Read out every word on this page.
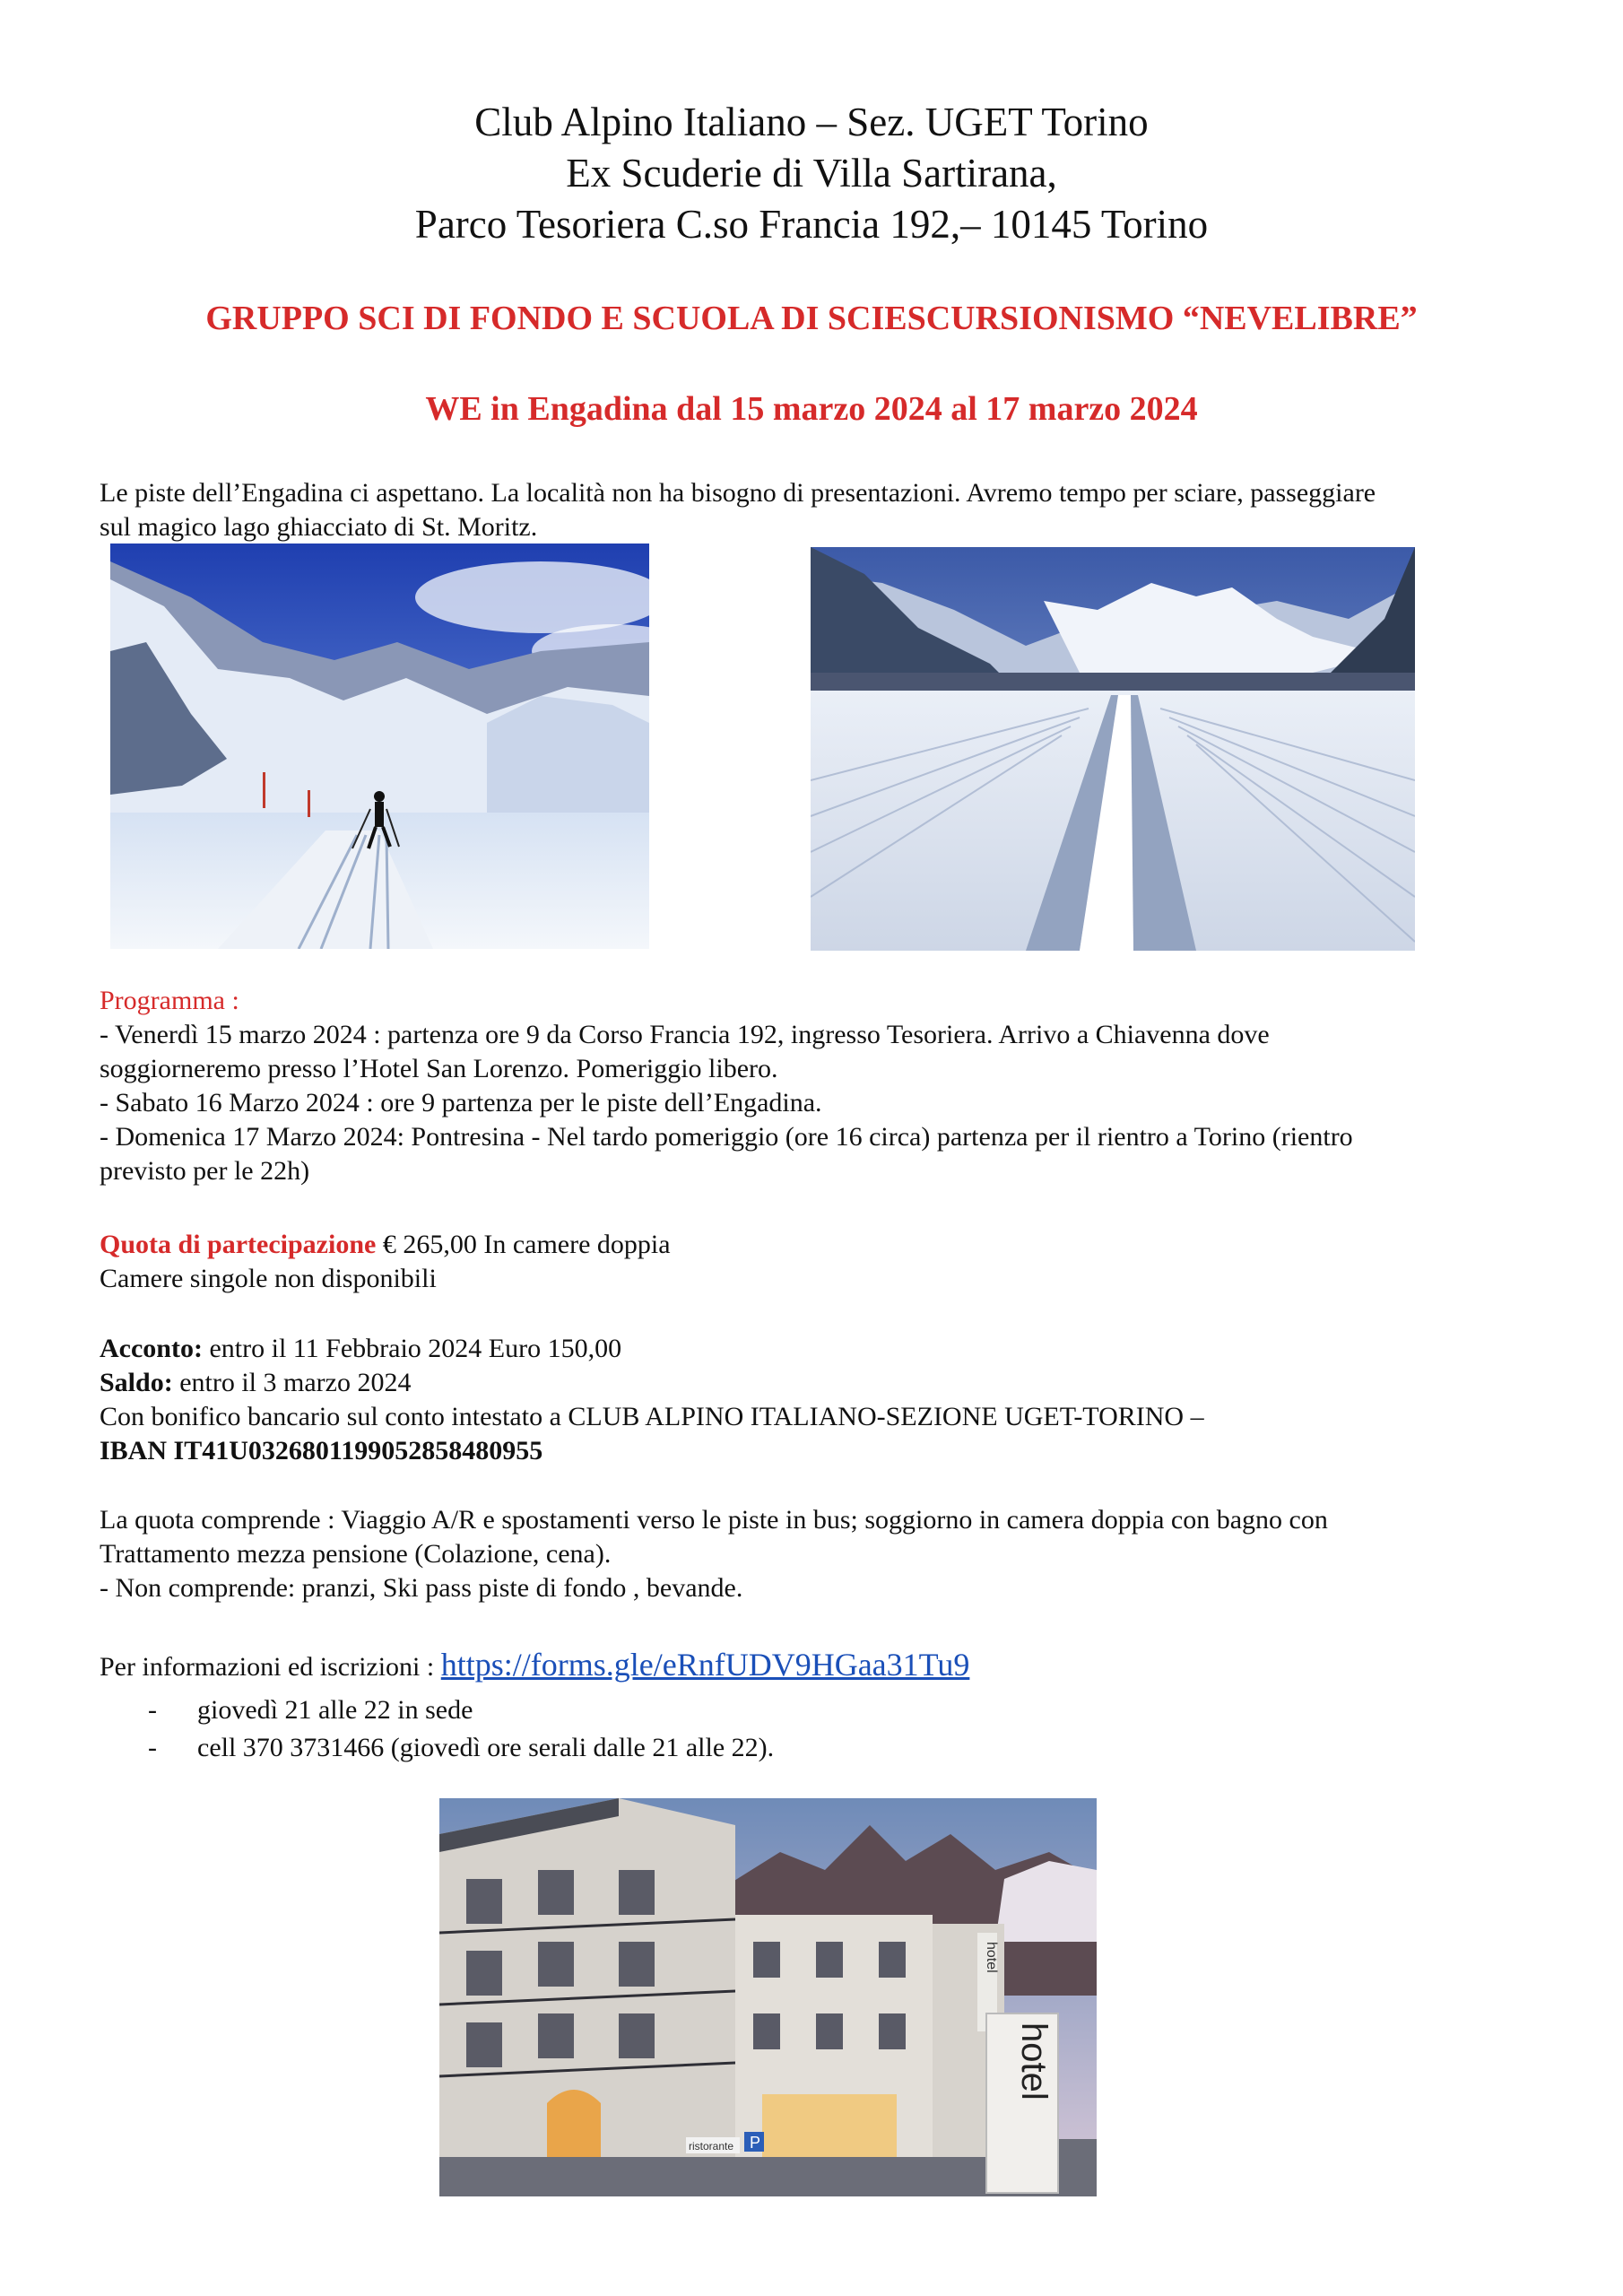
Club Alpino Italiano – Sez. UGET Torino
Ex Scuderie di Villa Sartirana,
Parco Tesoriera C.so Francia 192,– 10145 Torino
GRUPPO SCI DI FONDO E SCUOLA DI SCIESCURSIONISMO “NEVELIBRE”
WE in Engadina dal 15 marzo 2024 al 17 marzo 2024
Le piste dell’Engadina ci aspettano. La località non ha bisogno di presentazioni. Avremo tempo per sciare, passeggiare
sul magico lago ghiacciato di St. Moritz.
Programma :
- Venerdì 15 marzo 2024 : partenza ore 9 da Corso Francia 192, ingresso Tesoriera. Arrivo a Chiavenna dove
soggiorneremo presso l’Hotel San Lorenzo. Pomeriggio libero.
- Sabato 16 Marzo 2024 : ore 9 partenza per le piste dell’Engadina.
- Domenica 17 Marzo 2024: Pontresina - Nel tardo pomeriggio (ore 16 circa) partenza per il rientro a Torino (rientro
previsto per le 22h)
Quota di partecipazione € 265,00 In camere doppia
Camere singole non disponibili
Acconto: entro il 11 Febbraio 2024 Euro 150,00
Saldo: entro il 3 marzo 2024
Con bonifico bancario sul conto intestato a CLUB ALPINO ITALIANO-SEZIONE UGET-TORINO –
IBAN IT41U0326801199052858480955
La quota comprende : Viaggio A/R e spostamenti verso le piste in bus; soggiorno in camera doppia con bagno con
Trattamento mezza pensione (Colazione, cena).
- Non comprende: pranzi, Ski pass piste di fondo , bevande.
Per informazioni ed iscrizioni : https://forms.gle/eRnfUDV9HGaa31Tu9
- giovedì 21 alle 22 in sede
- cell 370 3731466 (giovedì ore serali dalle 21 alle 22).
hotel
hotel
ristorante P
